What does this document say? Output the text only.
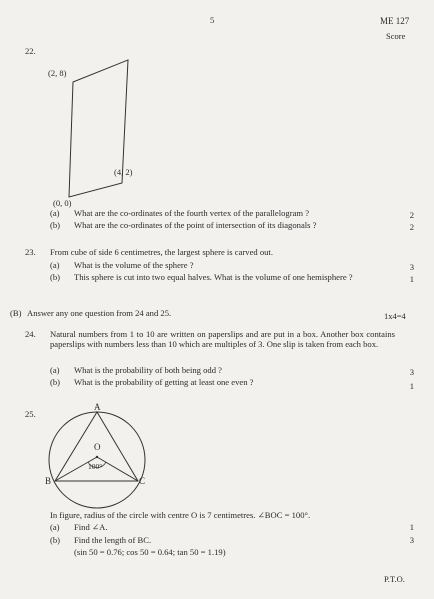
5	ME 127
Score
22.
(2, 8)
(4, 2)
(0, 0)
(a) What are the co-ordinates of the fourth vertex of the parallelogram ?	2
(b) What are the co-ordinates of the point of intersection of its diagonals ?	2
23. From cube of side 6 centimetres, the largest sphere is carved out.
(a) What is the volume of the sphere ?	3
(b) This sphere is cut into two equal halves. What is the volume of one hemisphere ?	1
(B) Answer any one question from 24 and 25.	1x4=4
24. Natural numbers from 1 to 10 are written on paperslips and are put in a box. Another box contains paperslips with numbers less than 10 which are multiples of 3. One slip is taken from each box.
(a) What is the probability of both being odd ?	3
(b) What is the probability of getting at least one even ?	1
25.
A
O
100°
B	C
In figure, radius of the circle with centre O is 7 centimetres. ∠BOC = 100°.
(a) Find ∠A.	1
(b) Find the length of BC.	3
(sin 50 = 0.76; cos 50 = 0.64; tan 50 = 1.19)
P.T.O.
